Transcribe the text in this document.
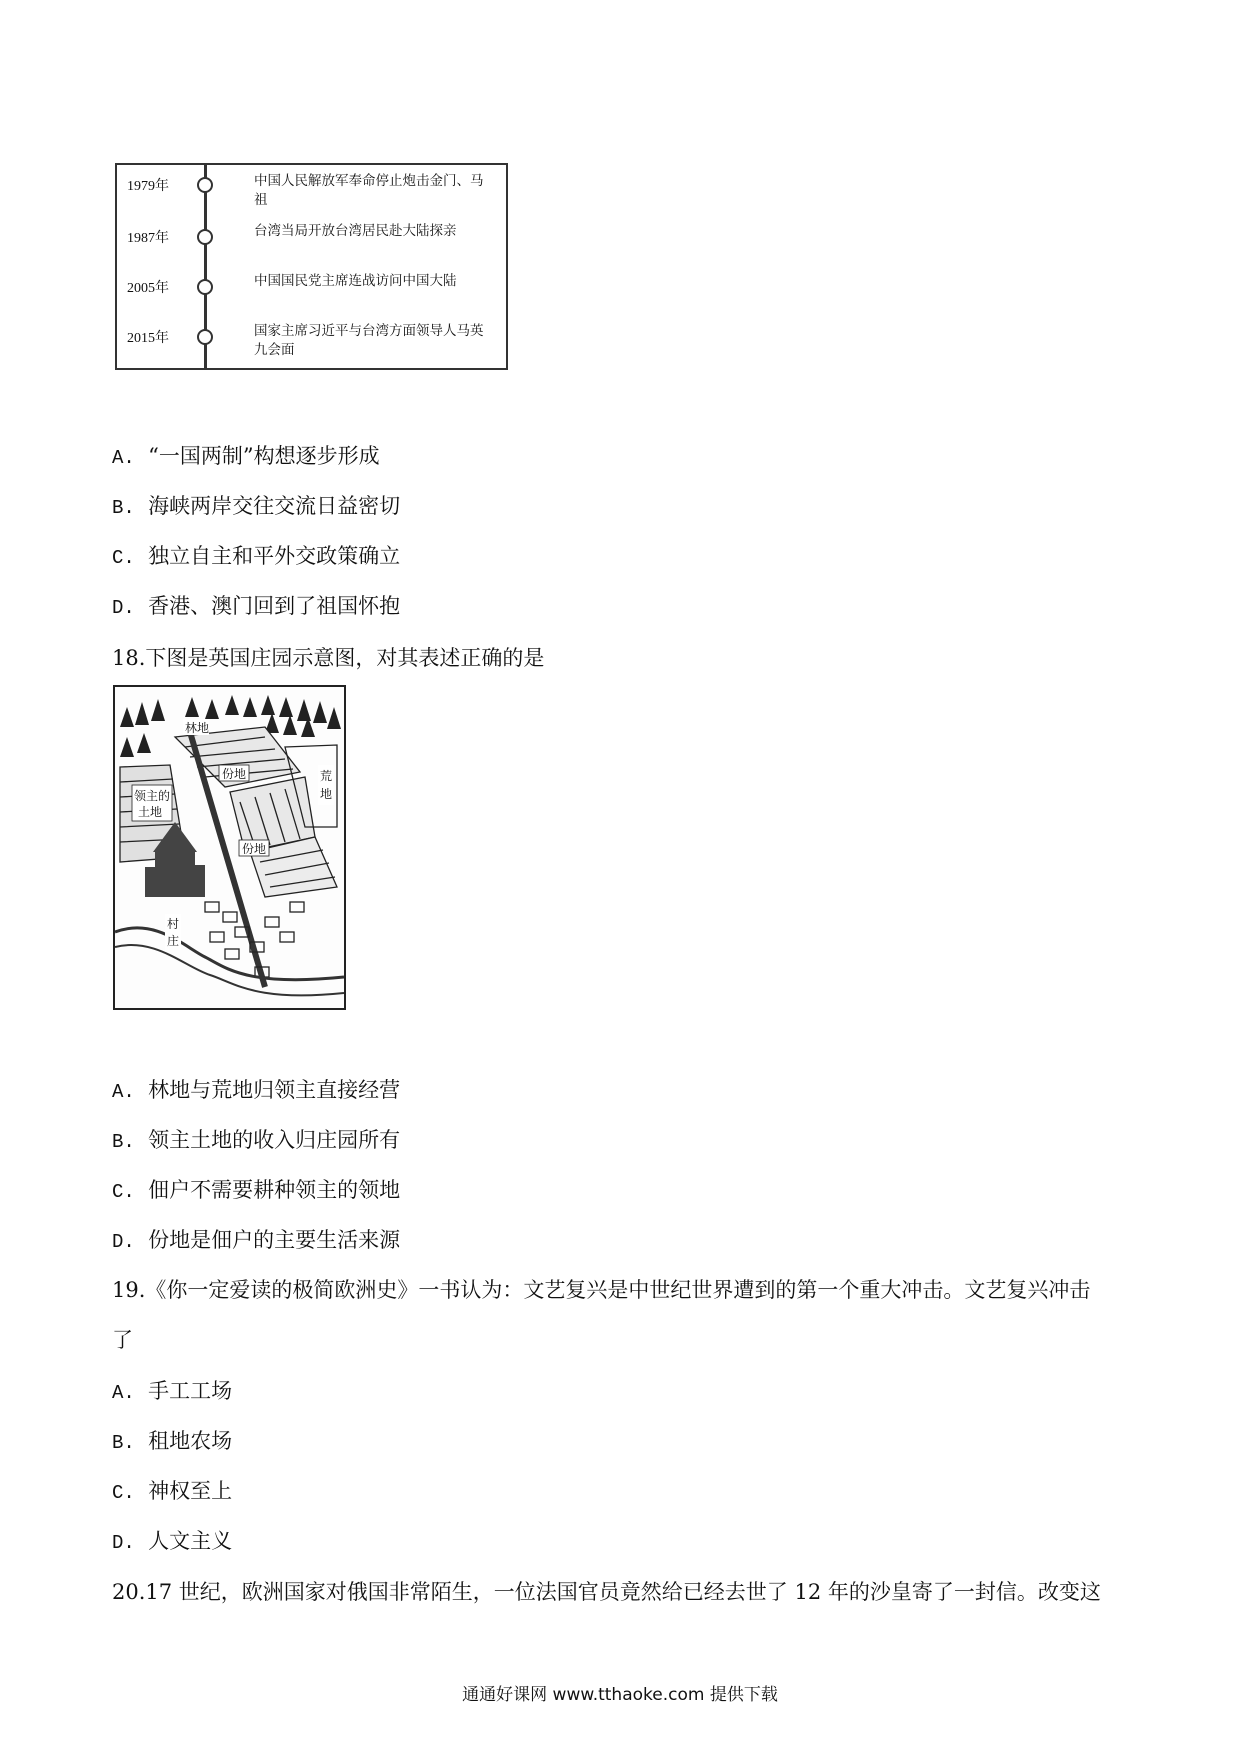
1979年	中国人民解放军奉命停止炮击金门、马祖
1987年	台湾当局开放台湾居民赴大陆探亲
2005年	中国国民党主席连战访问中国大陆
2015年	国家主席习近平与台湾方面领导人马英九会面
A. “一国两制”构想逐步形成
B. 海峡两岸交往交流日益密切
C. 独立自主和平外交政策确立
D. 香港、澳门回到了祖国怀抱
18.下图是英国庄园示意图，对其表述正确的是
林地
份地	荒
地
领主的
土地
份地
村
庄
A. 林地与荒地归领主直接经营
B. 领主土地的收入归庄园所有
C. 佃户不需要耕种领主的领地
D. 份地是佃户的主要生活来源
19.《你一定爱读的极简欧洲史》一书认为：文艺复兴是中世纪世界遭到的第一个重大冲击。文艺复兴冲击
了
A. 手工工场
B. 租地农场
C. 神权至上
D. 人文主义
20.17 世纪，欧洲国家对俄国非常陌生，一位法国官员竟然给已经去世了 12 年的沙皇寄了一封信。改变这
通通好课网 www.tthaoke.com 提供下载
